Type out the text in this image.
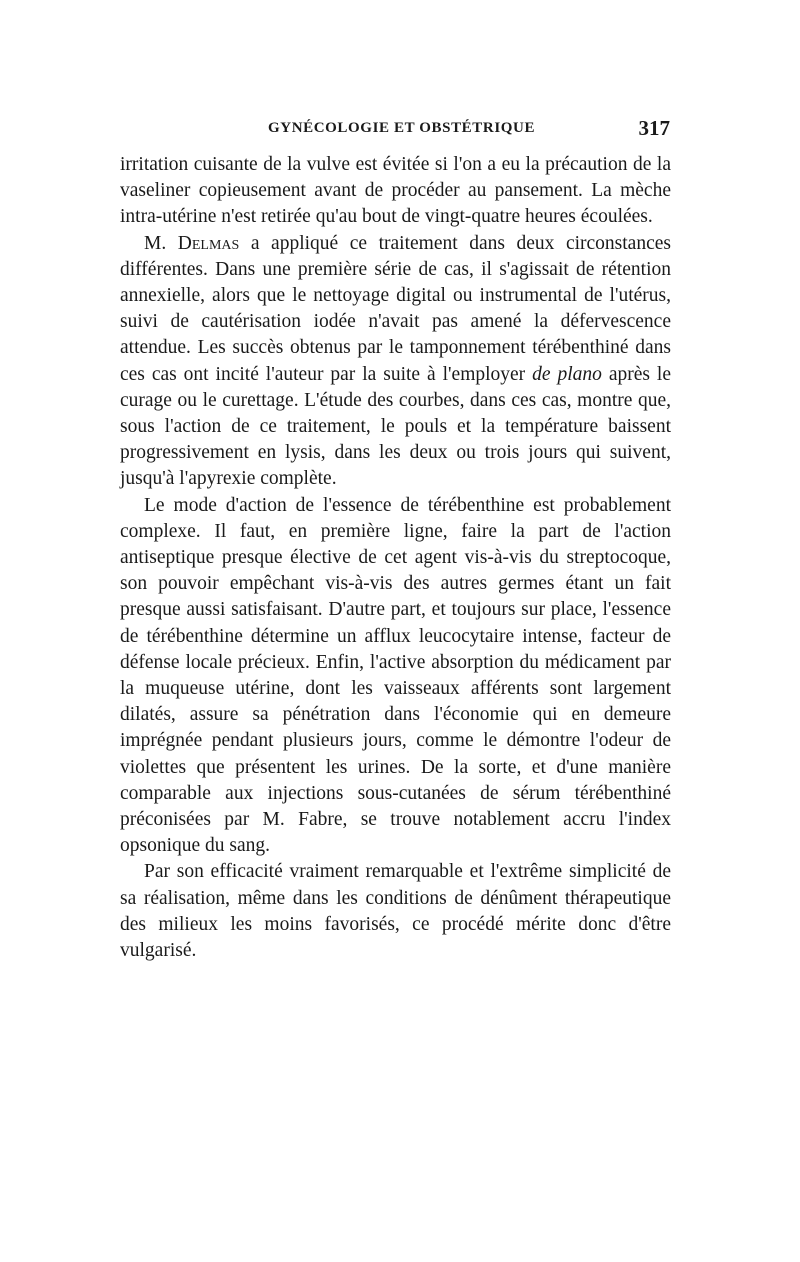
GYNÉCOLOGIE ET OBSTÉTRIQUE	317

irritation cuisante de la vulve est évitée si l'on a eu la précaution de la vaseliner copieusement avant de procéder au pansement. La mèche intra-utérine n'est retirée qu'au bout de vingt-quatre heures écoulées.

M. Delmas a appliqué ce traitement dans deux circonstances différentes. Dans une première série de cas, il s'agissait de rétention annexielle, alors que le nettoyage digital ou instrumental de l'utérus, suivi de cautérisation iodée n'avait pas amené la défervescence attendue. Les succès obtenus par le tamponnement térébenthiné dans ces cas ont incité l'auteur par la suite à l'employer de plano après le curage ou le curettage. L'étude des courbes, dans ces cas, montre que, sous l'action de ce traitement, le pouls et la température baissent progressivement en lysis, dans les deux ou trois jours qui suivent, jusqu'à l'apyrexie complète.

Le mode d'action de l'essence de térébenthine est probablement complexe. Il faut, en première ligne, faire la part de l'action antiseptique presque élective de cet agent vis-à-vis du streptocoque, son pouvoir empêchant vis-à-vis des autres germes étant un fait presque aussi satisfaisant. D'autre part, et toujours sur place, l'essence de térébenthine détermine un afflux leucocytaire intense, facteur de défense locale précieux. Enfin, l'active absorption du médicament par la muqueuse utérine, dont les vaisseaux afférents sont largement dilatés, assure sa pénétration dans l'économie qui en demeure imprégnée pendant plusieurs jours, comme le démontre l'odeur de violettes que présentent les urines. De la sorte, et d'une manière comparable aux injections sous-cutanées de sérum térébenthiné préconisées par M. Fabre, se trouve notablement accru l'index opsonique du sang.

Par son efficacité vraiment remarquable et l'extrême simplicité de sa réalisation, même dans les conditions de dénûment thérapeutique des milieux les moins favorisés, ce procédé mérite donc d'être vulgarisé.
